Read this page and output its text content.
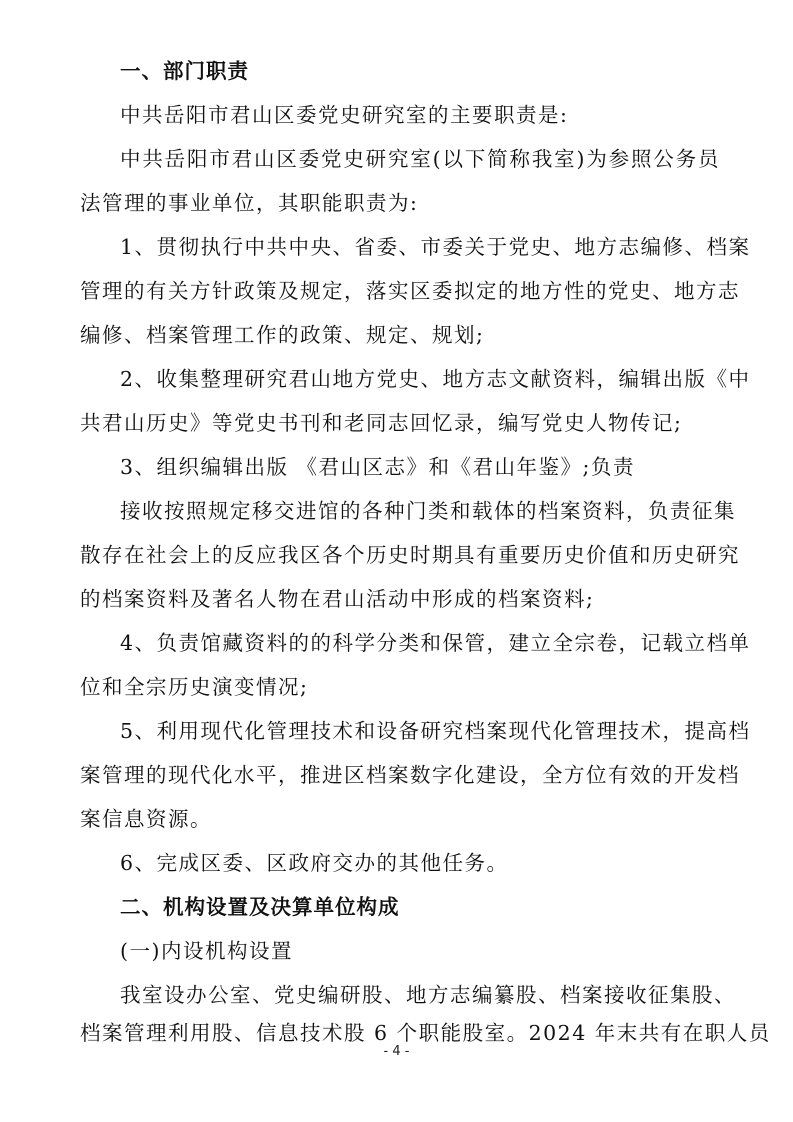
一、部门职责
中共岳阳市君山区委党史研究室的主要职责是:
中共岳阳市君山区委党史研究室(以下简称我室)为参照公务员
法管理的事业单位，其职能职责为:
1、贯彻执行中共中央、省委、市委关于党史、地方志编修、档案
管理的有关方针政策及规定，落实区委拟定的地方性的党史、地方志
编修、档案管理工作的政策、规定、规划;
2、收集整理研究君山地方党史、地方志文献资料，编辑出版《中
共君山历史》等党史书刊和老同志回忆录，编写党史人物传记;
3、组织编辑出版 《君山区志》和《君山年鉴》;负责
接收按照规定移交进馆的各种门类和载体的档案资料，负责征集
散存在社会上的反应我区各个历史时期具有重要历史价值和历史研究
的档案资料及著名人物在君山活动中形成的档案资料;
4、负责馆藏资料的的科学分类和保管，建立全宗卷，记载立档单
位和全宗历史演变情况;
5、利用现代化管理技术和设备研究档案现代化管理技术，提高档
案管理的现代化水平，推进区档案数字化建设，全方位有效的开发档
案信息资源。
6、完成区委、区政府交办的其他任务。
二、机构设置及决算单位构成
(一)内设机构设置
我室设办公室、党史编研股、地方志编纂股、档案接收征集股、
档案管理利用股、信息技术股 6 个职能股室。2024 年末共有在职人员
- 4 -
